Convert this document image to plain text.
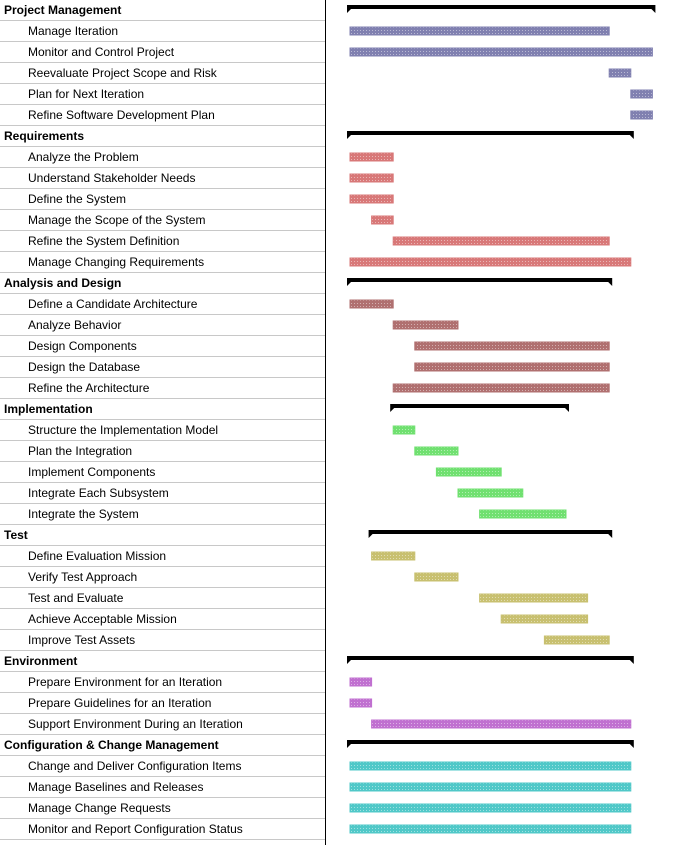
Project Management
Manage Iteration
Monitor and Control Project
Reevaluate Project Scope and Risk
Plan for Next Iteration
Refine Software Development Plan
Requirements
Analyze the Problem
Understand Stakeholder Needs
Define the System
Manage the Scope of the System
Refine the System Definition
Manage Changing Requirements
Analysis and Design
Define a Candidate Architecture
Analyze Behavior
Design Components
Design the Database
Refine the Architecture
Implementation
Structure the Implementation Model
Plan the Integration
Implement Components
Integrate Each Subsystem
Integrate the System
Test
Define Evaluation Mission
Verify Test Approach
Test and Evaluate
Achieve Acceptable Mission
Improve Test Assets
Environment
Prepare Environment for an Iteration
Prepare Guidelines for an Iteration
Support Environment During an Iteration
Configuration & Change Management
Change and Deliver Configuration Items
Manage Baselines and Releases
Manage Change Requests
Monitor and Report Configuration Status
